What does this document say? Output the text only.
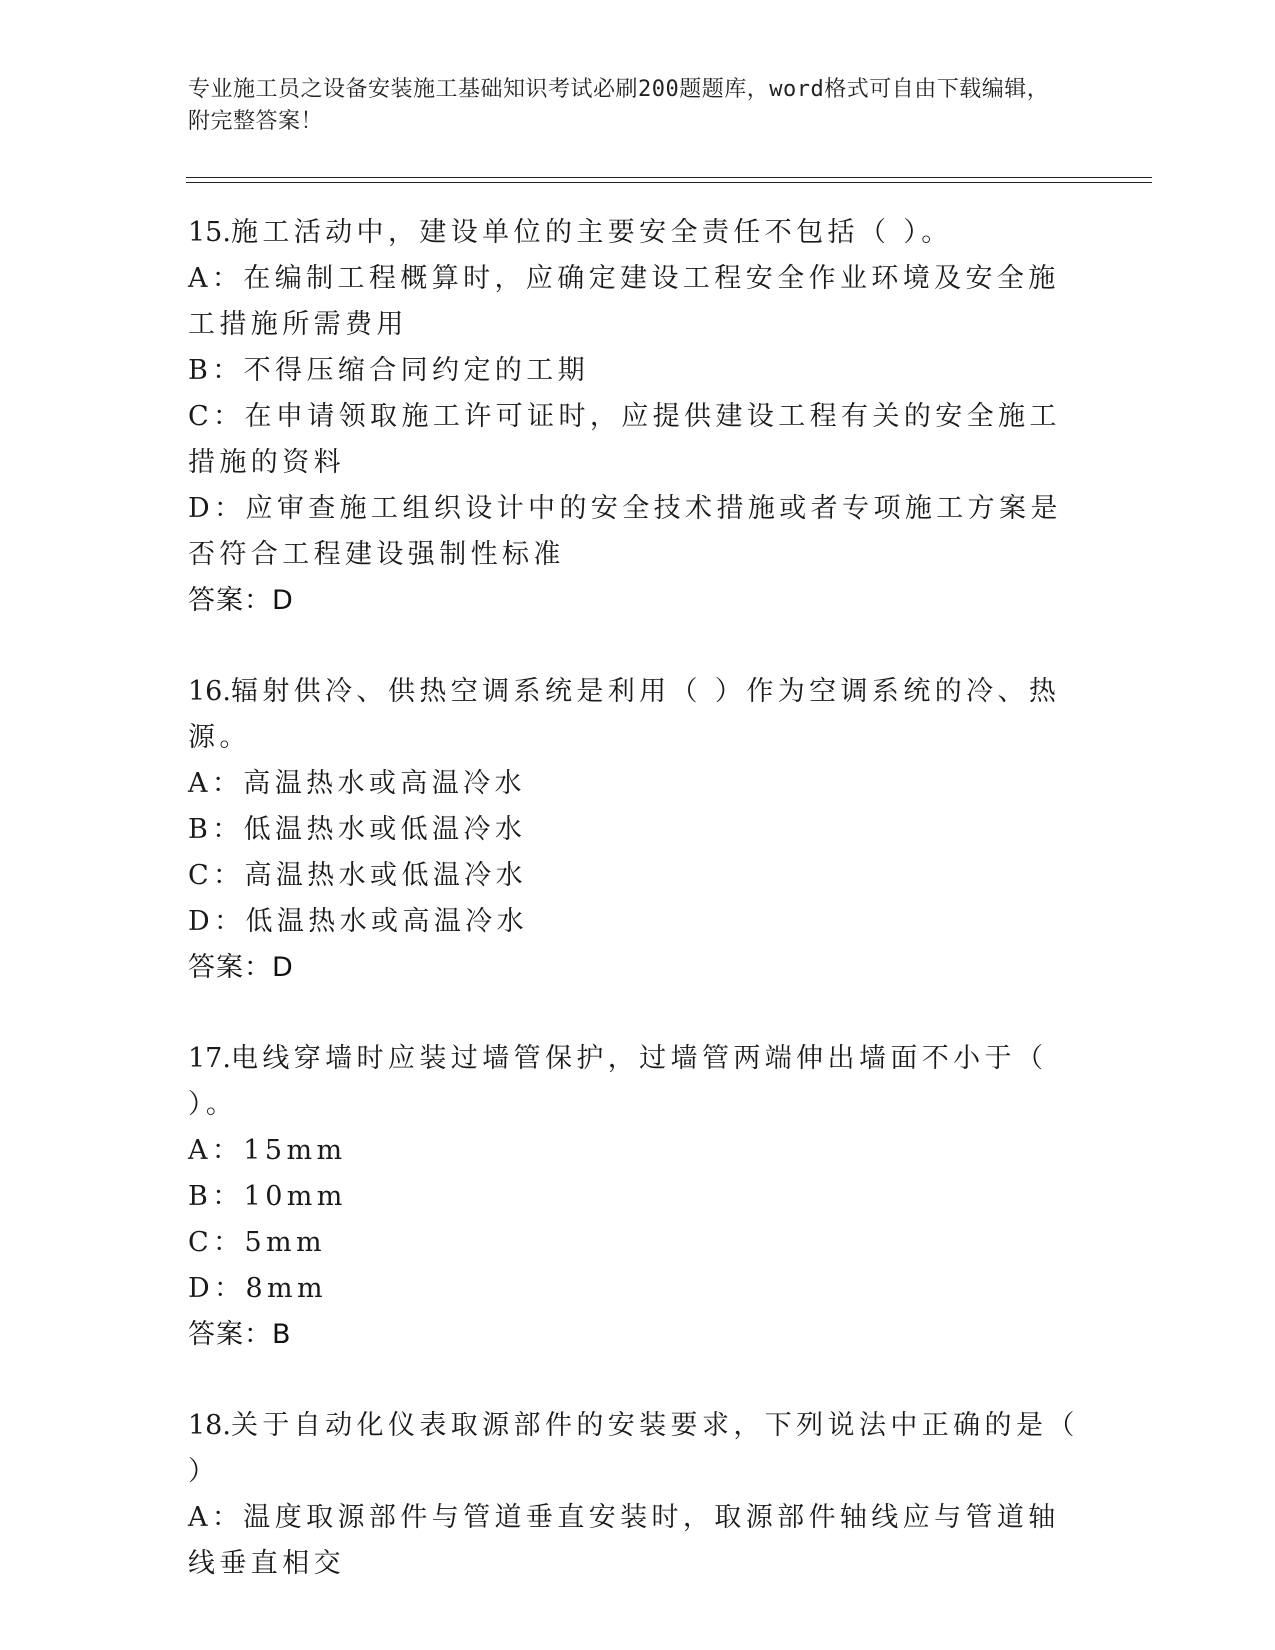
专业施工员之设备安装施工基础知识考试必刷200题题库，word格式可自由下载编辑，附完整答案！
15.施工活动中，建设单位的主要安全责任不包括（ ）。
A：在编制工程概算时，应确定建设工程安全作业环境及安全施工措施所需费用
B：不得压缩合同约定的工期
C：在申请领取施工许可证时，应提供建设工程有关的安全施工措施的资料
D：应审查施工组织设计中的安全技术措施或者专项施工方案是否符合工程建设强制性标准
答案：D
16.辐射供冷、供热空调系统是利用（ ）作为空调系统的冷、热源。
A：高温热水或高温冷水
B：低温热水或低温冷水
C：高温热水或低温冷水
D：低温热水或高温冷水
答案：D
17.电线穿墙时应装过墙管保护，过墙管两端伸出墙面不小于（ ）。
A：15mm
B：10mm
C：5mm
D：8mm
答案：B
18.关于自动化仪表取源部件的安装要求，下列说法中正确的是（ ）
A：温度取源部件与管道垂直安装时，取源部件轴线应与管道轴线垂直相交
